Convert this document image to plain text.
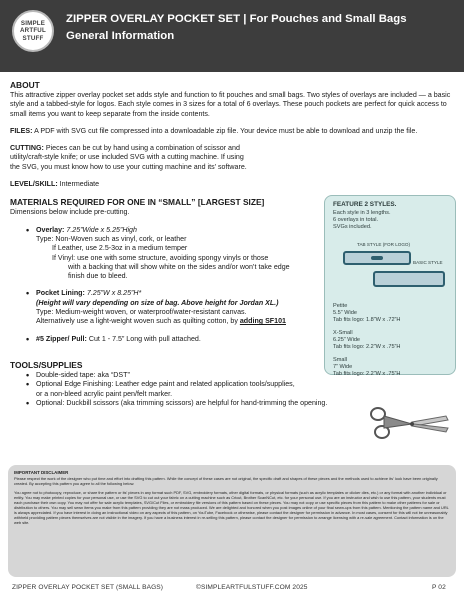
SIMPLE
ARTFUL
STUFF
ZIPPER OVERLAY POCKET SET | For Pouches and Small Bags
General Information
ABOUT
This attractive zipper overlay pocket set adds style and function to fit pouches and small bags. Two styles of overlays are included — a basic style and a tabbed-style for logos. Each style comes in 3 sizes for a total of 6 overlays. These pouch pockets are perfect for quick access to small items you want to keep separate from the inside contents.
FILES: A PDF with SVG cut file compressed into a downloadable zip file. Your device must be able to download and unzip the file.
CUTTING: Pieces can be cut by hand using a combination of scissor and
utility/craft-style knife; or use included SVG with a cutting machine. If using
the SVG, you must know how to use your cutting machine and its' software.
LEVEL/SKILL: Intermediate
MATERIALS REQUIRED FOR ONE IN “SMALL” [LARGEST SIZE]
Dimensions below include pre-cutting.
• Overlay: 7.25”Wide x 5.25”High
Type: Non-Woven such as vinyl, cork, or leather
If Leather, use 2.5-3oz in a medium temper
If Vinyl: use one with some structure, avoiding spongy vinyls or those
with a backing that will show white on the sides and/or won’t take edge
finish due to bleed.
• Pocket Lining: 7.25”W x 8.25”H*
(Height will vary depending on size of bag. Above height for Jordan XL.)
Type: Medium-weight woven, or waterproof/water-resistant canvas.
Alternatively use a light-weight woven such as quilting cotton, by adding SF101
• #5 Zipper/ Pull: Cut 1 - 7.5” Long with pull attached.
TOOLS/SUPPLIES
• Double-sided tape: aka “DST”
• Optional Edge Finishing: Leather edge paint and related application tools/supplies,
or a non-bleed acrylic paint pen/felt marker.
• Optional: Duckbill scissors (aka trimming scissors) are helpful for hand-trimming the opening.
FEATURE 2 STYLES.
Each style in 3 lengths.
6 overlays in total.
SVGs included.
TAB STYLE (FOR LOGO)
BASIC STYLE
Petite
5.5” Wide
Tab fits logo: 1.8”W x .72”H
X-Small
6.25” Wide
Tab fits logo: 2.2”W x .75”H
Small
7” Wide
Tab fits logo: 2.2”W x .75”H
IMPORTANT DISCLAIMER
Please respect the work of the designer who put time and effort into drafting this pattern. While the concept of these cases are not original, the specific draft and shapes of these pieces and the methods used to achieve its' look have been originally created. By accepting this pattern you agree to all the following below.
You agree not to photocopy, reproduce, or share the pattern or its' pieces in any format such PDF, SVG, embroidery formats, other digital formats, or physical formats (such as acrylic templates or clicker dies, etc.) or any format with another individual or entity. You may make printed copies for your personal use, or use the SVG to cut out your fabric on a cutting machine such as Cricut, Brother ScanNCut, etc. for your personal use. If you are an instructor and wish to use this pattern, your students must each purchase their own copy. You may not offer for sale acrylic templates, SVG/Cut Files, or embroidery file versions of this pattern based on these pieces. You may not copy or use specific pieces from this pattern to make other patterns for sale or distribution to others. You may sell sewn items you make from this pattern providing they are not mass produced. We are delighted and honored when you post images online of your final sewn-ups from this pattern. Mentioning the pattern name and URL is always appreciated. If you have interest in doing an instructional video on any aspects of this pattern, on YouTube, Facebook or otherwise, please contact the designer for permission in advance. In most cases, consent for this will not be unreasonably withheld providing pattern pieces themselves are not visible in the imagery. If you have a business interest in re-selling this pattern, please contact the designer for permission to arrange licensing with a re-sale agreement. Contact information is on the web site.
ZIPPER OVERLAY POCKET SET (SMALL BAGS)	©SIMPLEARTFULSTUFF.COM 2025	P 02
